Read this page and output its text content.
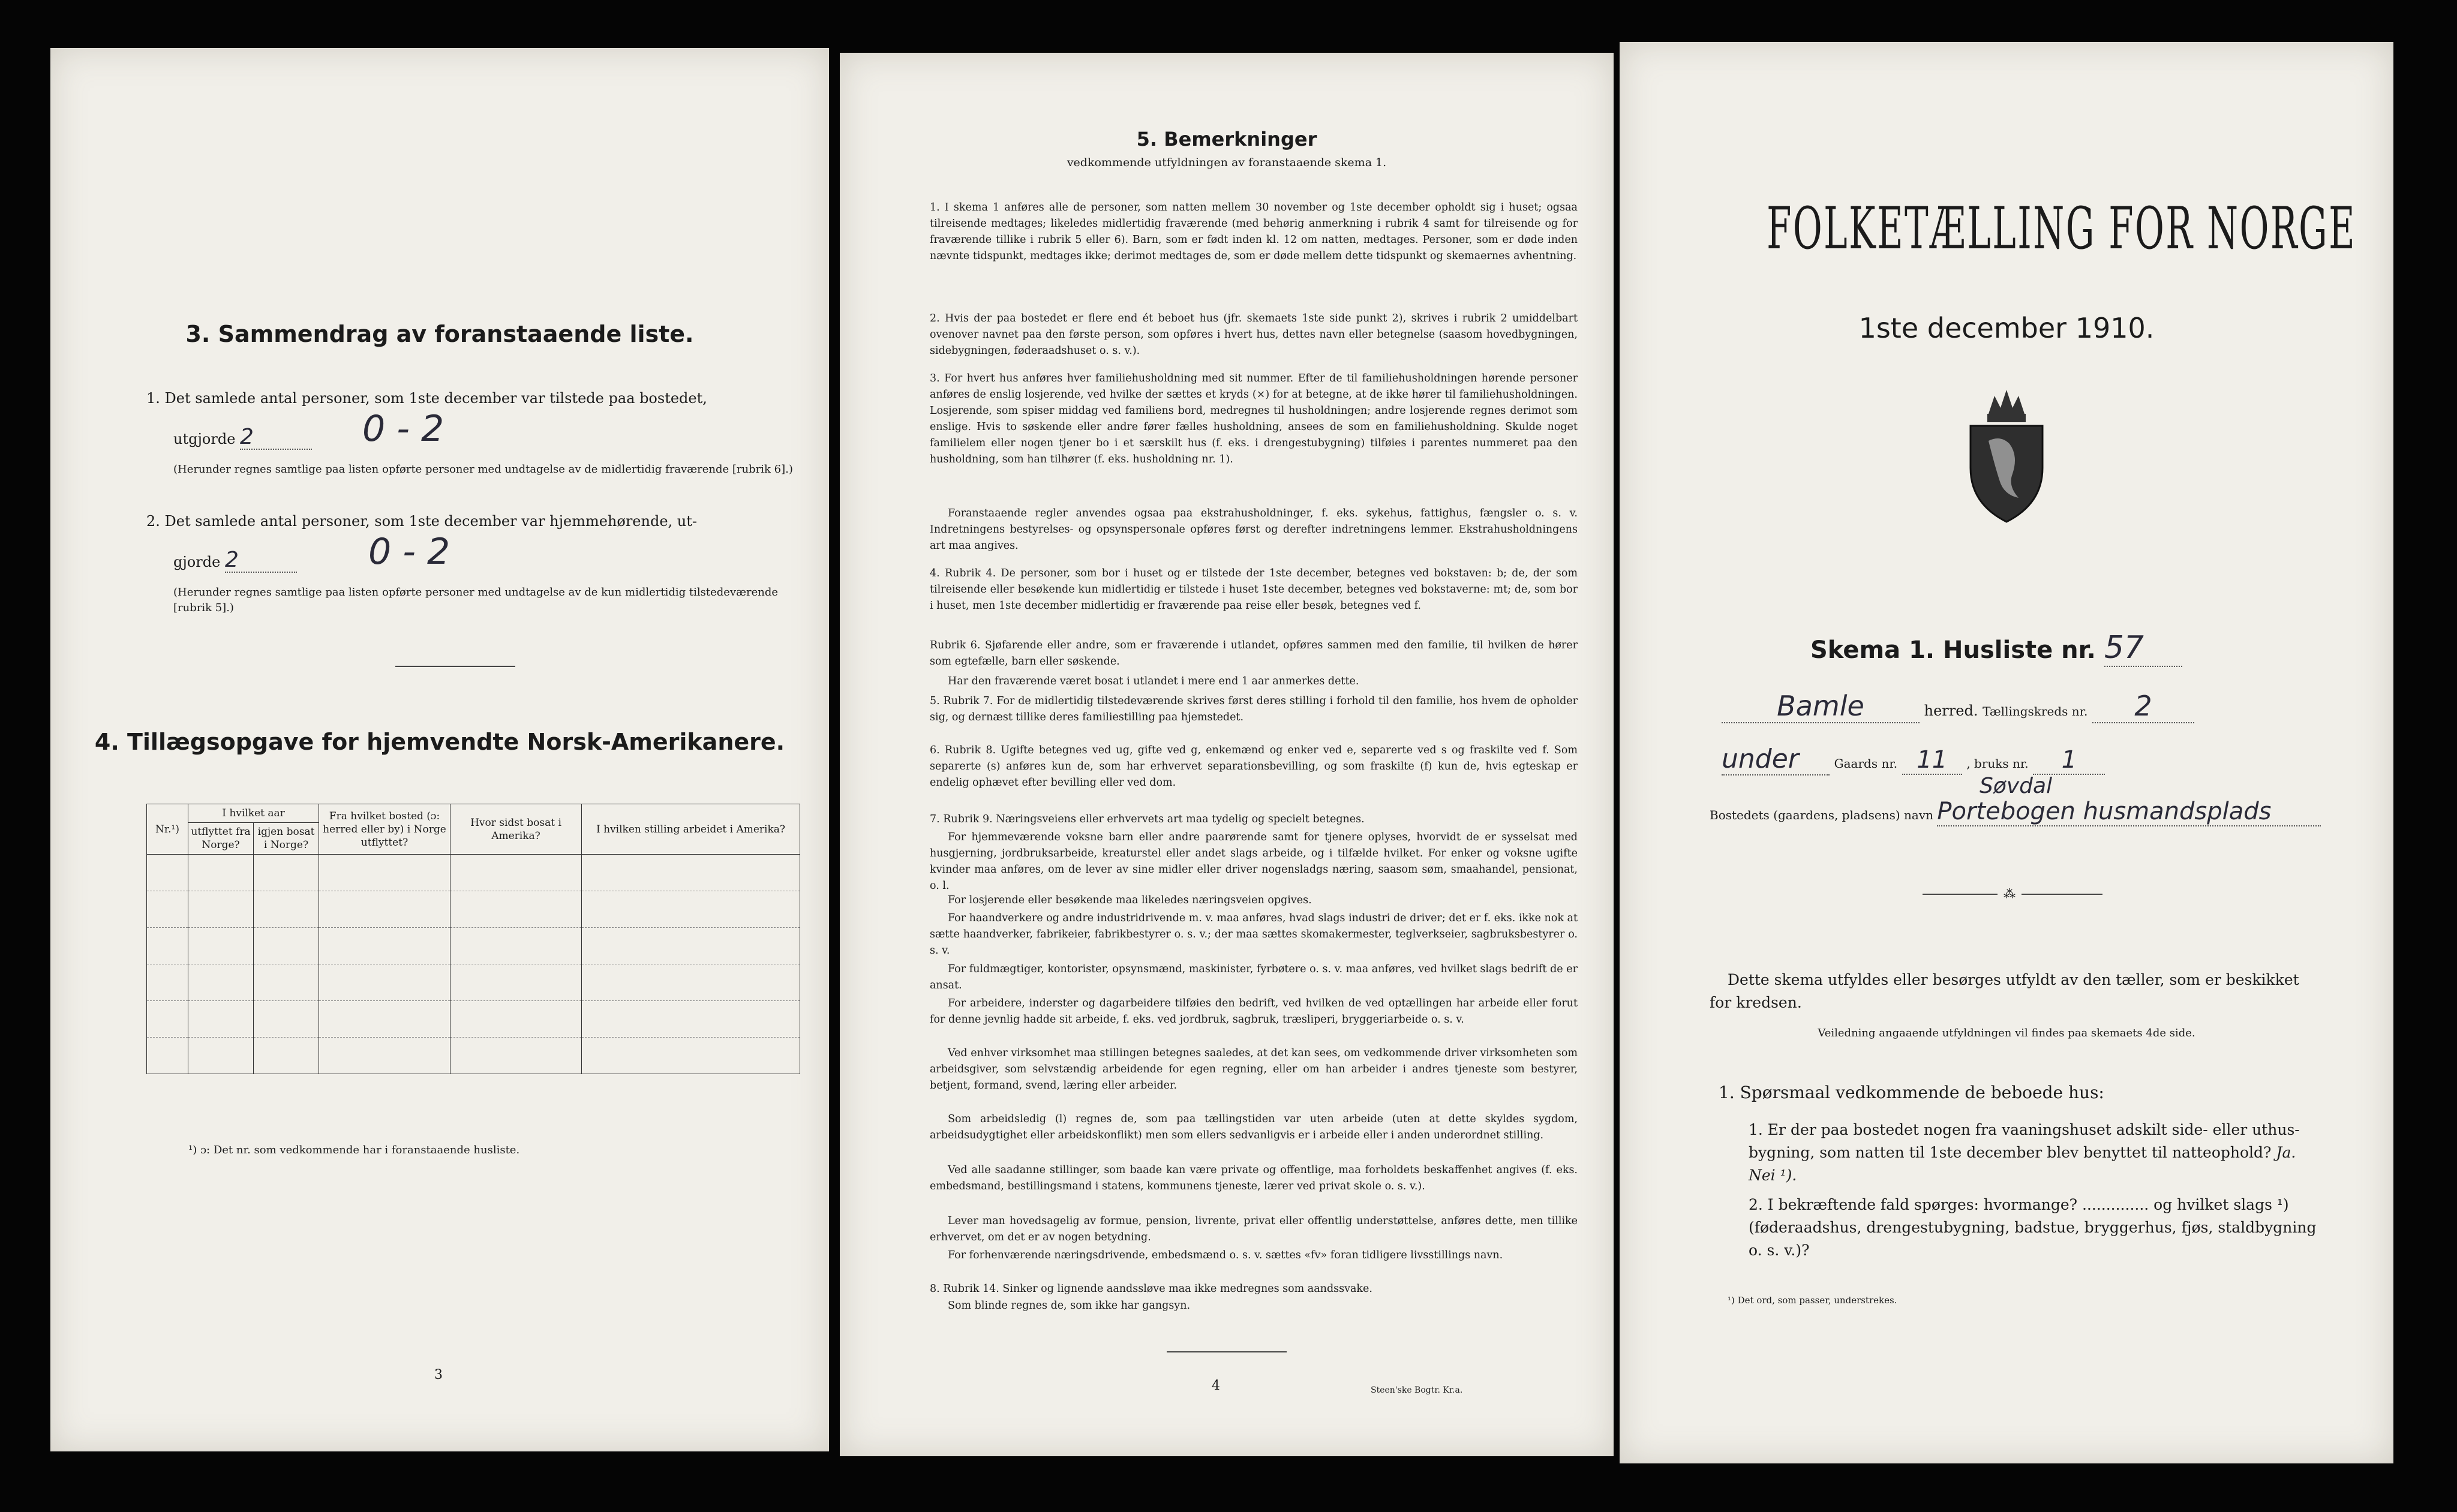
3. Sammendrag av foranstaaende liste.
1. Det samlede antal personer, som 1ste december var tilstede paa bostedet,
utgjorde 2	0 - 2
(Herunder regnes samtlige paa listen opførte personer med undtagelse av de midlertidig fraværende [rubrik 6].)
2. Det samlede antal personer, som 1ste december var hjemmehørende, ut-
gjorde 2	0 - 2
(Herunder regnes samtlige paa listen opførte personer med undtagelse av de kun midlertidig tilstedeværende [rubrik 5].)
4. Tillægsopgave for hjemvendte Norsk-Amerikanere.
Nr.¹)	I hvilket aar		Fra hvilket bosted (ɔ: herred eller by) i Norge utflyttet?	Hvor sidst bosat i Amerika?	I hvilken stilling arbeidet i Amerika?
	utflyttet fra Norge?	igjen bosat i Norge?			

¹) ɔ: Det nr. som vedkommende har i foranstaaende husliste.
3
5. Bemerkninger
vedkommende utfyldningen av foranstaaende skema 1.
1. I skema 1 anføres alle de personer, som natten mellem 30 november og 1ste december opholdt sig i huset; ogsaa tilreisende medtages; likeledes midlertidig fraværende (med behørig anmerkning i rubrik 4 samt for tilreisende og for fraværende tillike i rubrik 5 eller 6). Barn, som er født inden kl. 12 om natten, medtages. Personer, som er døde inden nævnte tidspunkt, medtages ikke; derimot medtages de, som er døde mellem dette tidspunkt og skemaernes avhentning.
2. Hvis der paa bostedet er flere end ét beboet hus (jfr. skemaets 1ste side punkt 2), skrives i rubrik 2 umiddelbart ovenover navnet paa den første person, som opføres i hvert hus, dettes navn eller betegnelse (saasom hovedbygningen, sidebygningen, føderaadshuset o. s. v.).
3. For hvert hus anføres hver familiehusholdning med sit nummer. Efter de til familiehusholdningen hørende personer anføres de enslig losjerende, ved hvilke der sættes et kryds (×) for at betegne, at de ikke hører til familiehusholdningen. Losjerende, som spiser middag ved familiens bord, medregnes til husholdningen; andre losjerende regnes derimot som enslige. Hvis to søskende eller andre fører fælles husholdning, ansees de som en familiehusholdning. Skulde noget familielem eller nogen tjener bo i et særskilt hus (f. eks. i drengestubygning) tilføies i parentes nummeret paa den husholdning, som han tilhører (f. eks. husholdning nr. 1).
Foranstaaende regler anvendes ogsaa paa ekstrahusholdninger, f. eks. sykehus, fattighus, fængsler o. s. v. Indretningens bestyrelses- og opsynspersonale opføres først og derefter indretningens lemmer. Ekstrahusholdningens art maa angives.
4. Rubrik 4. De personer, som bor i huset og er tilstede der 1ste december, betegnes ved bokstaven: b; de, der som tilreisende eller besøkende kun midlertidig er tilstede i huset 1ste december, betegnes ved bokstaverne: mt; de, som bor i huset, men 1ste december midlertidig er fraværende paa reise eller besøk, betegnes ved f.
Rubrik 6. Sjøfarende eller andre, som er fraværende i utlandet, opføres sammen med den familie, til hvilken de hører som egtefælle, barn eller søskende.
Har den fraværende været bosat i utlandet i mere end 1 aar anmerkes dette.
5. Rubrik 7. For de midlertidig tilstedeværende skrives først deres stilling i forhold til den familie, hos hvem de opholder sig, og dernæst tillike deres familiestilling paa hjemstedet.
6. Rubrik 8. Ugifte betegnes ved ug, gifte ved g, enkemænd og enker ved e, separerte ved s og fraskilte ved f. Som separerte (s) anføres kun de, som har erhvervet separationsbevilling, og som fraskilte (f) kun de, hvis egteskap er endelig ophævet efter bevilling eller ved dom.
7. Rubrik 9. Næringsveiens eller erhvervets art maa tydelig og specielt betegnes.
For hjemmeværende voksne barn eller andre paarørende samt for tjenere oplyses, hvorvidt de er sysselsat med husgjerning, jordbruksarbeide, kreaturstel eller andet slags arbeide, og i tilfælde hvilket. For enker og voksne ugifte kvinder maa anføres, om de lever av sine midler eller driver nogensladgs næring, saasom søm, smaahandel, pensionat, o. l.
For losjerende eller besøkende maa likeledes næringsveien opgives.
For haandverkere og andre industridrivende m. v. maa anføres, hvad slags industri de driver; det er f. eks. ikke nok at sætte haandverker, fabrikeier, fabrikbestyrer o. s. v.; der maa sættes skomakermester, teglverkseier, sagbruksbestyrer o. s. v.
For fuldmægtiger, kontorister, opsynsmænd, maskinister, fyrbøtere o. s. v. maa anføres, ved hvilket slags bedrift de er ansat.
For arbeidere, inderster og dagarbeidere tilføies den bedrift, ved hvilken de ved optællingen har arbeide eller forut for denne jevnlig hadde sit arbeide, f. eks. ved jordbruk, sagbruk, træsliperi, bryggeriarbeide o. s. v.
Ved enhver virksomhet maa stillingen betegnes saaledes, at det kan sees, om vedkommende driver virksomheten som arbeidsgiver, som selvstændig arbeidende for egen regning, eller om han arbeider i andres tjeneste som bestyrer, betjent, formand, svend, læring eller arbeider.
Som arbeidsledig (l) regnes de, som paa tællingstiden var uten arbeide (uten at dette skyldes sygdom, arbeidsudygtighet eller arbeidskonflikt) men som ellers sedvanligvis er i arbeide eller i anden underordnet stilling.
Ved alle saadanne stillinger, som baade kan være private og offentlige, maa forholdets beskaffenhet angives (f. eks. embedsmand, bestillingsmand i statens, kommunens tjeneste, lærer ved privat skole o. s. v.).
Lever man hovedsagelig av formue, pension, livrente, privat eller offentlig understøttelse, anføres dette, men tillike erhvervet, om det er av nogen betydning.
For forhenværende næringsdrivende, embedsmænd o. s. v. sættes «fv» foran tidligere livsstillings navn.
8. Rubrik 14. Sinker og lignende aandssløve maa ikke medregnes som aandssvake.
Som blinde regnes de, som ikke har gangsyn.
4	Steen'ske Bogtr. Kr.a.
FOLKETÆLLING FOR NORGE
1ste december 1910.
Skema 1. Husliste nr. 57
Bamle	herred. Tællingskreds nr. 2
under	Gaards nr. 11 , bruks nr. 1
Søvdal
Bostedets (gaardens, pladsens) navn Portebogen husmandsplads
⁂
Dette skema utfyldes eller besørges utfyldt av den tæller, som er beskikket for kredsen.
Veiledning angaaende utfyldningen vil findes paa skemaets 4de side.
1. Spørsmaal vedkommende de beboede hus:
1. Er der paa bostedet nogen fra vaaningshuset adskilt side- eller uthus-bygning, som natten til 1ste december blev benyttet til natteophold? Ja. Nei ¹).
2. I bekræftende fald spørges: hvormange? .............. og hvilket slags ¹) (føderaadshus, drengestubygning, badstue, bryggerhus, fjøs, staldbygning o. s. v.)?
¹) Det ord, som passer, understrekes.
